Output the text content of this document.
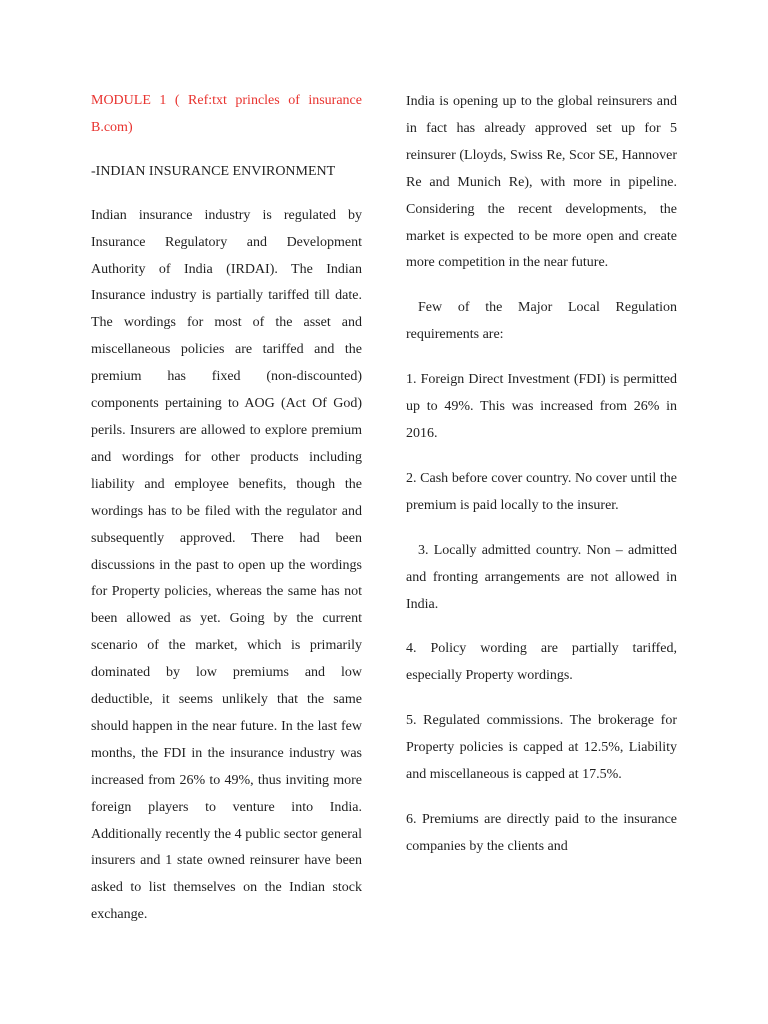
MODULE 1 ( Ref:txt princles of insurance B.com)

-INDIAN INSURANCE ENVIRONMENT

Indian insurance industry is regulated by Insurance Regulatory and Development Authority of India (IRDAI). The Indian Insurance industry is partially tariffed till date. The wordings for most of the asset and miscellaneous policies are tariffed and the premium has fixed (non-discounted) components pertaining to AOG (Act Of God) perils. Insurers are allowed to explore premium and wordings for other products including liability and employee benefits, though the wordings has to be filed with the regulator and subsequently approved. There had been discussions in the past to open up the wordings for Property policies, whereas the same has not been allowed as yet. Going by the current scenario of the market, which is primarily dominated by low premiums and low deductible, it seems unlikely that the same should happen in the near future. In the last few months, the FDI in the insurance industry was increased from 26% to 49%, thus inviting more foreign players to venture into India. Additionally recently the 4 public sector general insurers and 1 state owned reinsurer have been asked to list themselves on the Indian stock exchange.

India is opening up to the global reinsurers and in fact has already approved set up for 5 reinsurer (Lloyds, Swiss Re, Scor SE, Hannover Re and Munich Re), with more in pipeline. Considering the recent developments, the market is expected to be more open and create more competition in the near future.

Few of the Major Local Regulation requirements are:

1. Foreign Direct Investment (FDI) is permitted up to 49%. This was increased from 26% in 2016.

2. Cash before cover country. No cover until the premium is paid locally to the insurer.

3. Locally admitted country. Non – admitted and fronting arrangements are not allowed in India.

4. Policy wording are partially tariffed, especially Property wordings.

5. Regulated commissions. The brokerage for Property policies is capped at 12.5%, Liability and miscellaneous is capped at 17.5%.

6. Premiums are directly paid to the insurance companies by the clients and
